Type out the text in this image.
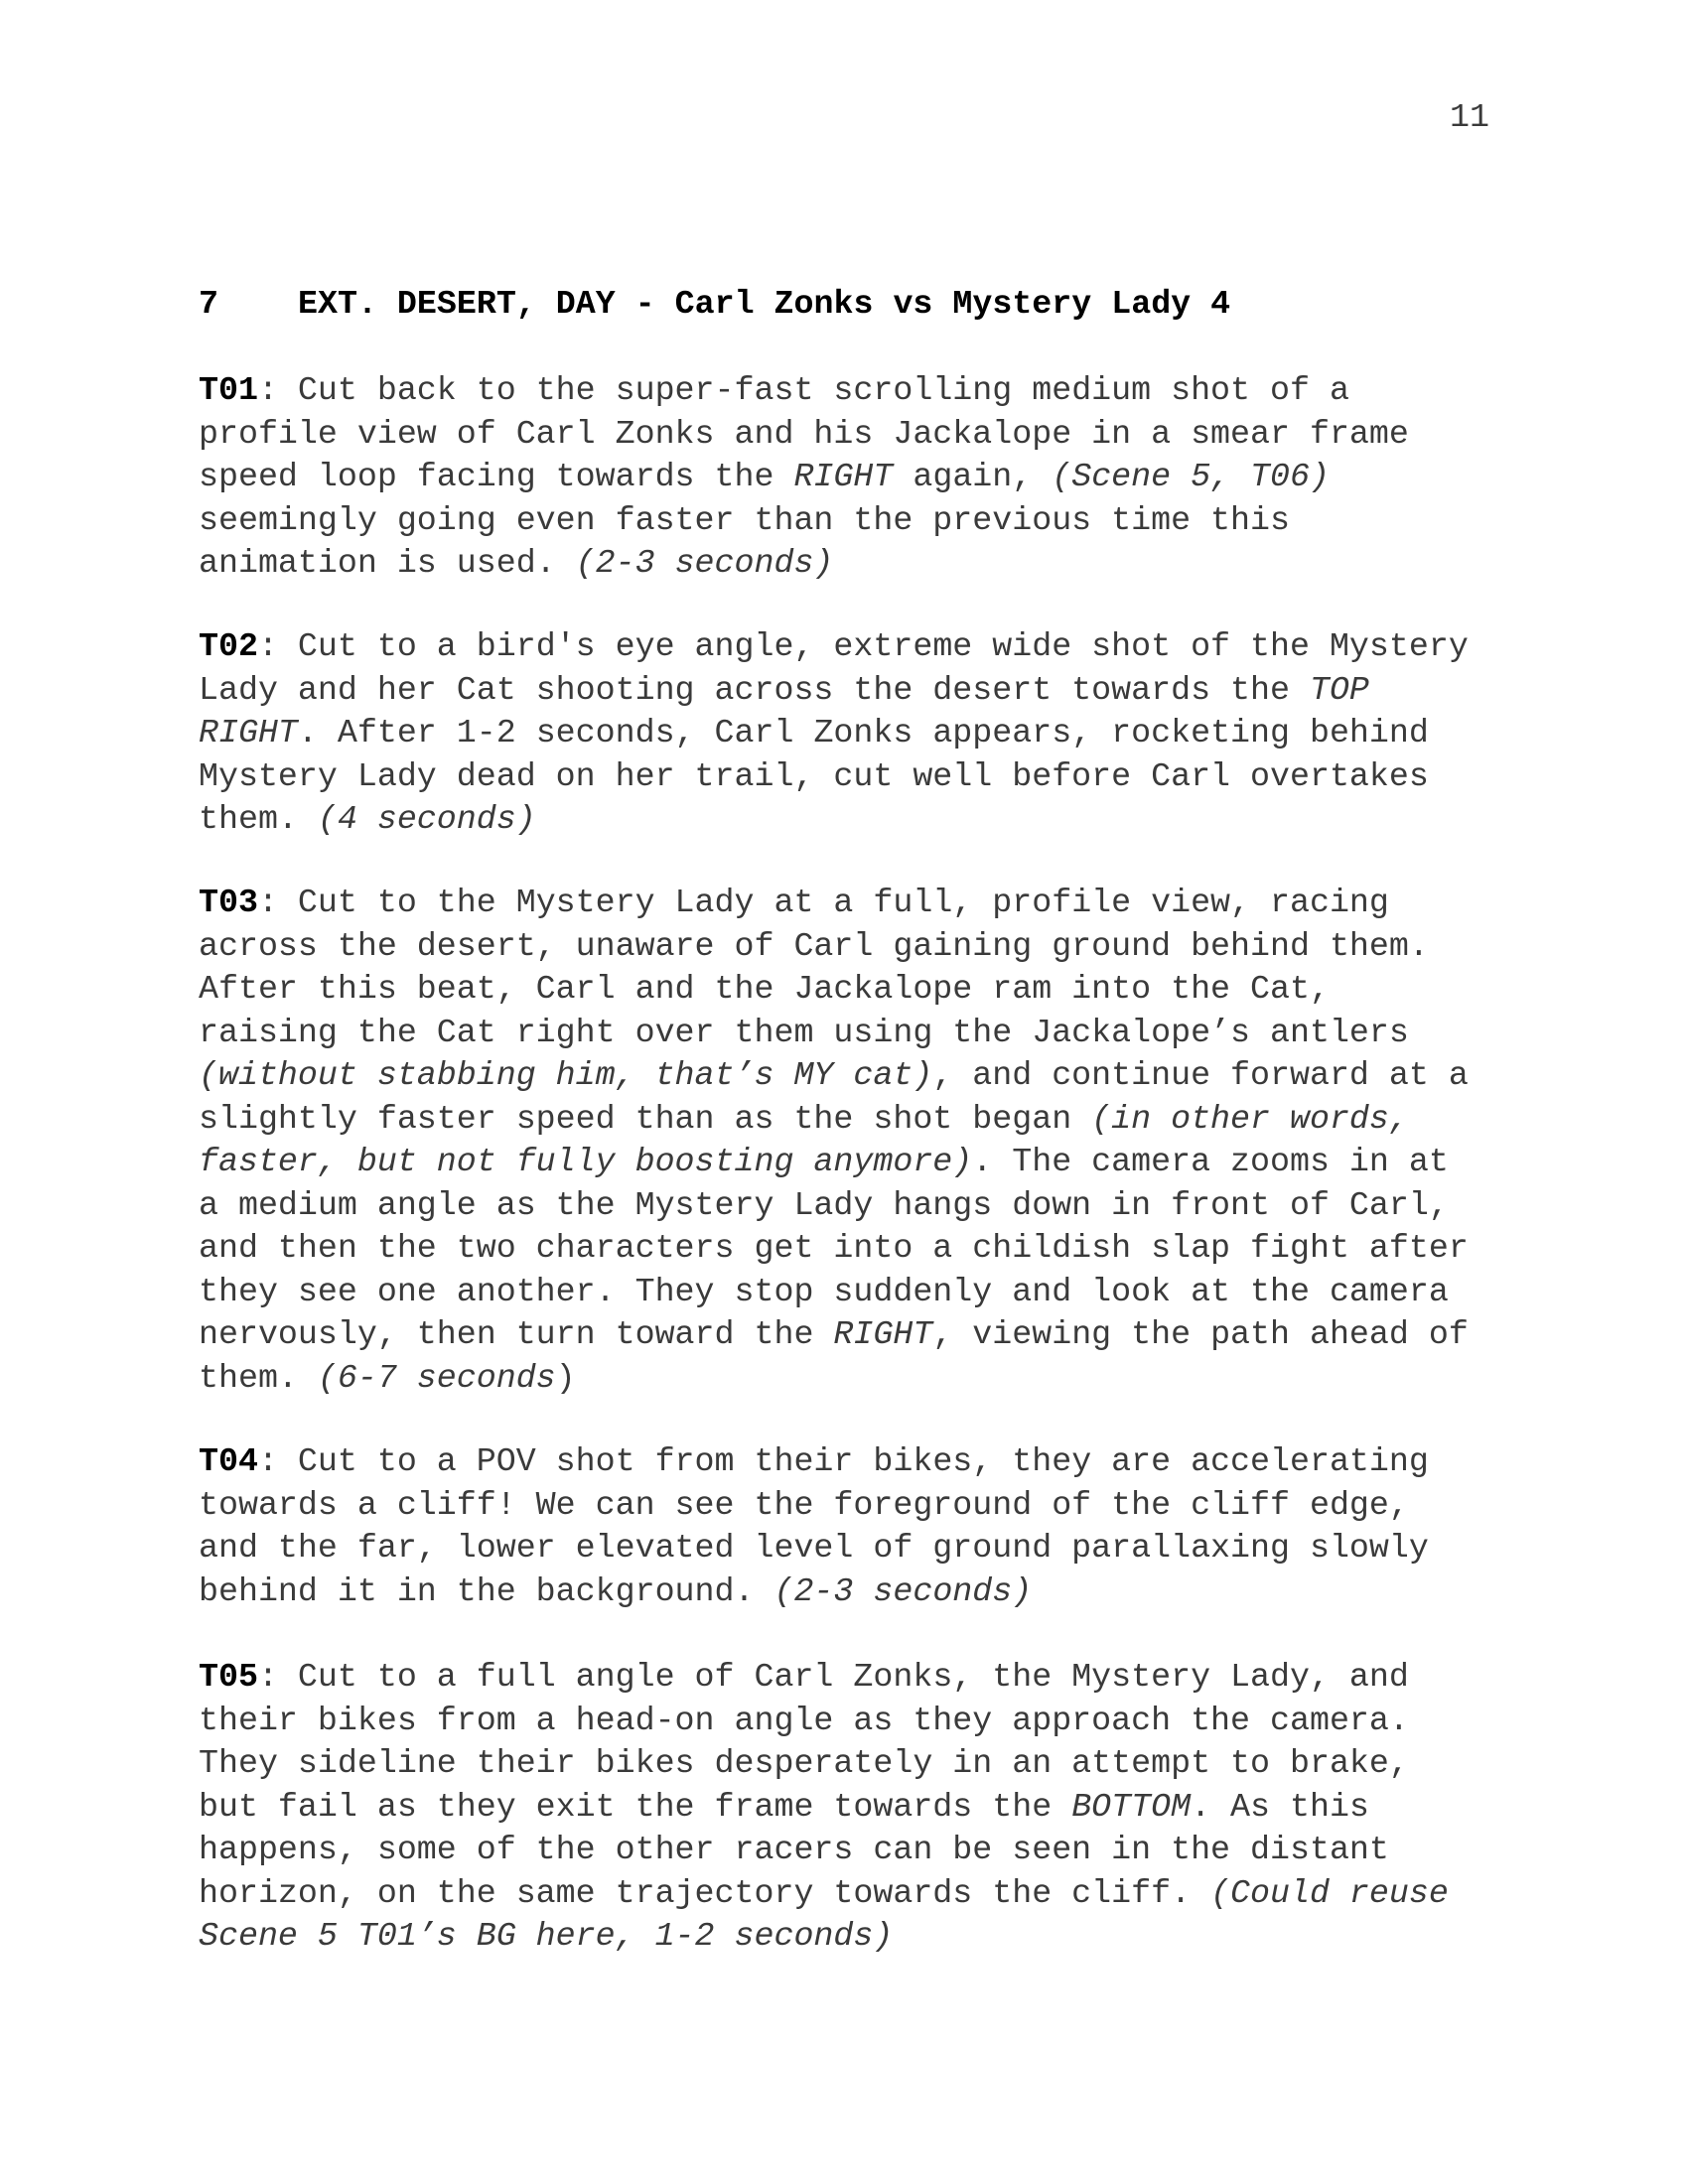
11
7 EXT. DESERT, DAY - Carl Zonks vs Mystery Lady 4
T01: Cut back to the super-fast scrolling medium shot of a
profile view of Carl Zonks and his Jackalope in a smear frame
speed loop facing towards the RIGHT again, (Scene 5, T06)
seemingly going even faster than the previous time this
animation is used. (2-3 seconds)
T02: Cut to a bird's eye angle, extreme wide shot of the Mystery
Lady and her Cat shooting across the desert towards the TOP
RIGHT. After 1-2 seconds, Carl Zonks appears, rocketing behind
Mystery Lady dead on her trail, cut well before Carl overtakes
them. (4 seconds)
T03: Cut to the Mystery Lady at a full, profile view, racing
across the desert, unaware of Carl gaining ground behind them.
After this beat, Carl and the Jackalope ram into the Cat,
raising the Cat right over them using the Jackalope’s antlers
(without stabbing him, that’s MY cat), and continue forward at a
slightly faster speed than as the shot began (in other words,
faster, but not fully boosting anymore). The camera zooms in at
a medium angle as the Mystery Lady hangs down in front of Carl,
and then the two characters get into a childish slap fight after
they see one another. They stop suddenly and look at the camera
nervously, then turn toward the RIGHT, viewing the path ahead of
them. (6-7 seconds)
T04: Cut to a POV shot from their bikes, they are accelerating
towards a cliff! We can see the foreground of the cliff edge,
and the far, lower elevated level of ground parallaxing slowly
behind it in the background. (2-3 seconds)
T05: Cut to a full angle of Carl Zonks, the Mystery Lady, and
their bikes from a head-on angle as they approach the camera.
They sideline their bikes desperately in an attempt to brake,
but fail as they exit the frame towards the BOTTOM. As this
happens, some of the other racers can be seen in the distant
horizon, on the same trajectory towards the cliff. (Could reuse
Scene 5 T01’s BG here, 1-2 seconds)
